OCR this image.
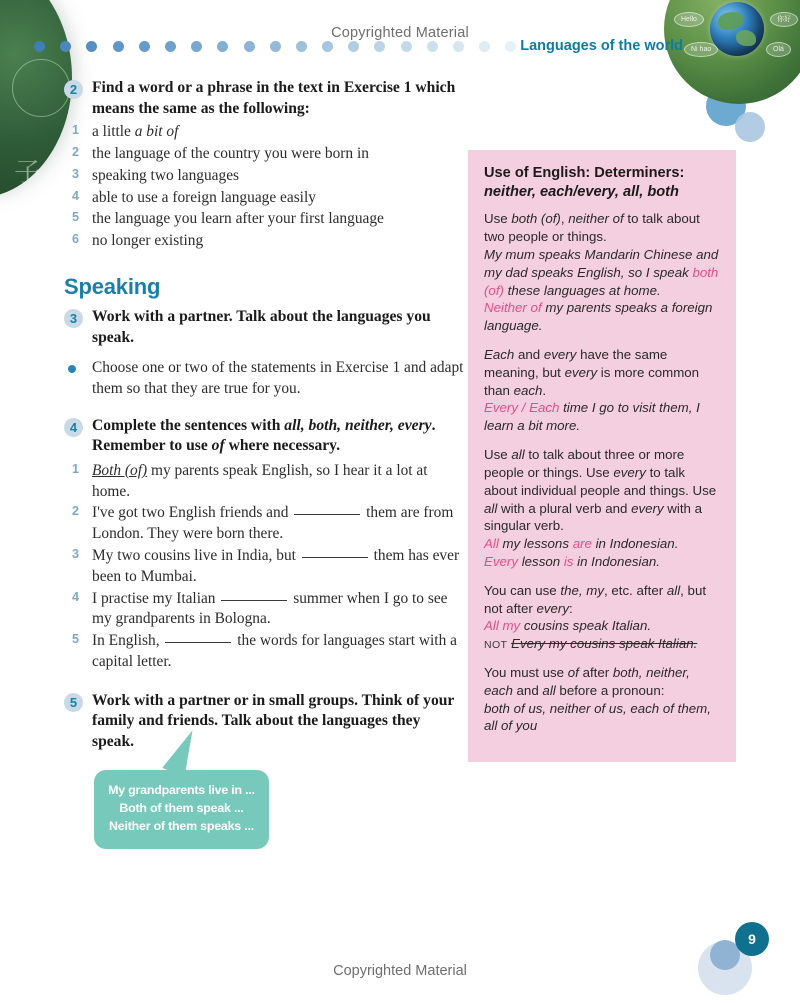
子
Hello	你好
Ni hao	Olá
Copyrighted Material
Languages of the world
2 Find a word or a phrase in the text in Exercise 1 which means the same as the following:
1 a little a bit of
2 the language of the country you were born in
3 speaking two languages
4 able to use a foreign language easily
5 the language you learn after your first language
6 no longer existing
Speaking
3 Work with a partner. Talk about the languages you speak.
Choose one or two of the statements in Exercise 1 and adapt them so that they are true for you.
4 Complete the sentences with all, both, neither, every. Remember to use of where necessary.
1 Both (of) my parents speak English, so I hear it a lot at home.
2 I've got two English friends and	them are from London. They were born there.
3 My two cousins live in India, but	them has ever been to Mumbai.
4 I practise my Italian	summer when I go to see my grandparents in Bologna.
5 In English,	the words for languages start with a capital letter.
5 Work with a partner or in small groups. Think of your family and friends. Talk about the languages they speak.
My grandparents live in ...
Both of them speak ...
Neither of them speaks ...
Use of English: Determiners:
neither, each/every, all, both
Use both (of), neither of to talk about two people or things.
My mum speaks Mandarin Chinese and my dad speaks English, so I speak both (of) these languages at home.
Neither of my parents speaks a foreign language.
Each and every have the same meaning, but every is more common than each.
Every / Each time I go to visit them, I learn a bit more.
Use all to talk about three or more people or things. Use every to talk about individual people and things. Use all with a plural verb and every with a singular verb.
All my lessons are in Indonesian.
Every lesson is in Indonesian.
You can use the, my, etc. after all, but not after every:
All my cousins speak Italian.
NOT Every my cousins speak Italian.
You must use of after both, neither, each and all before a pronoun:
both of us, neither of us, each of them, all of you
9
Copyrighted Material
